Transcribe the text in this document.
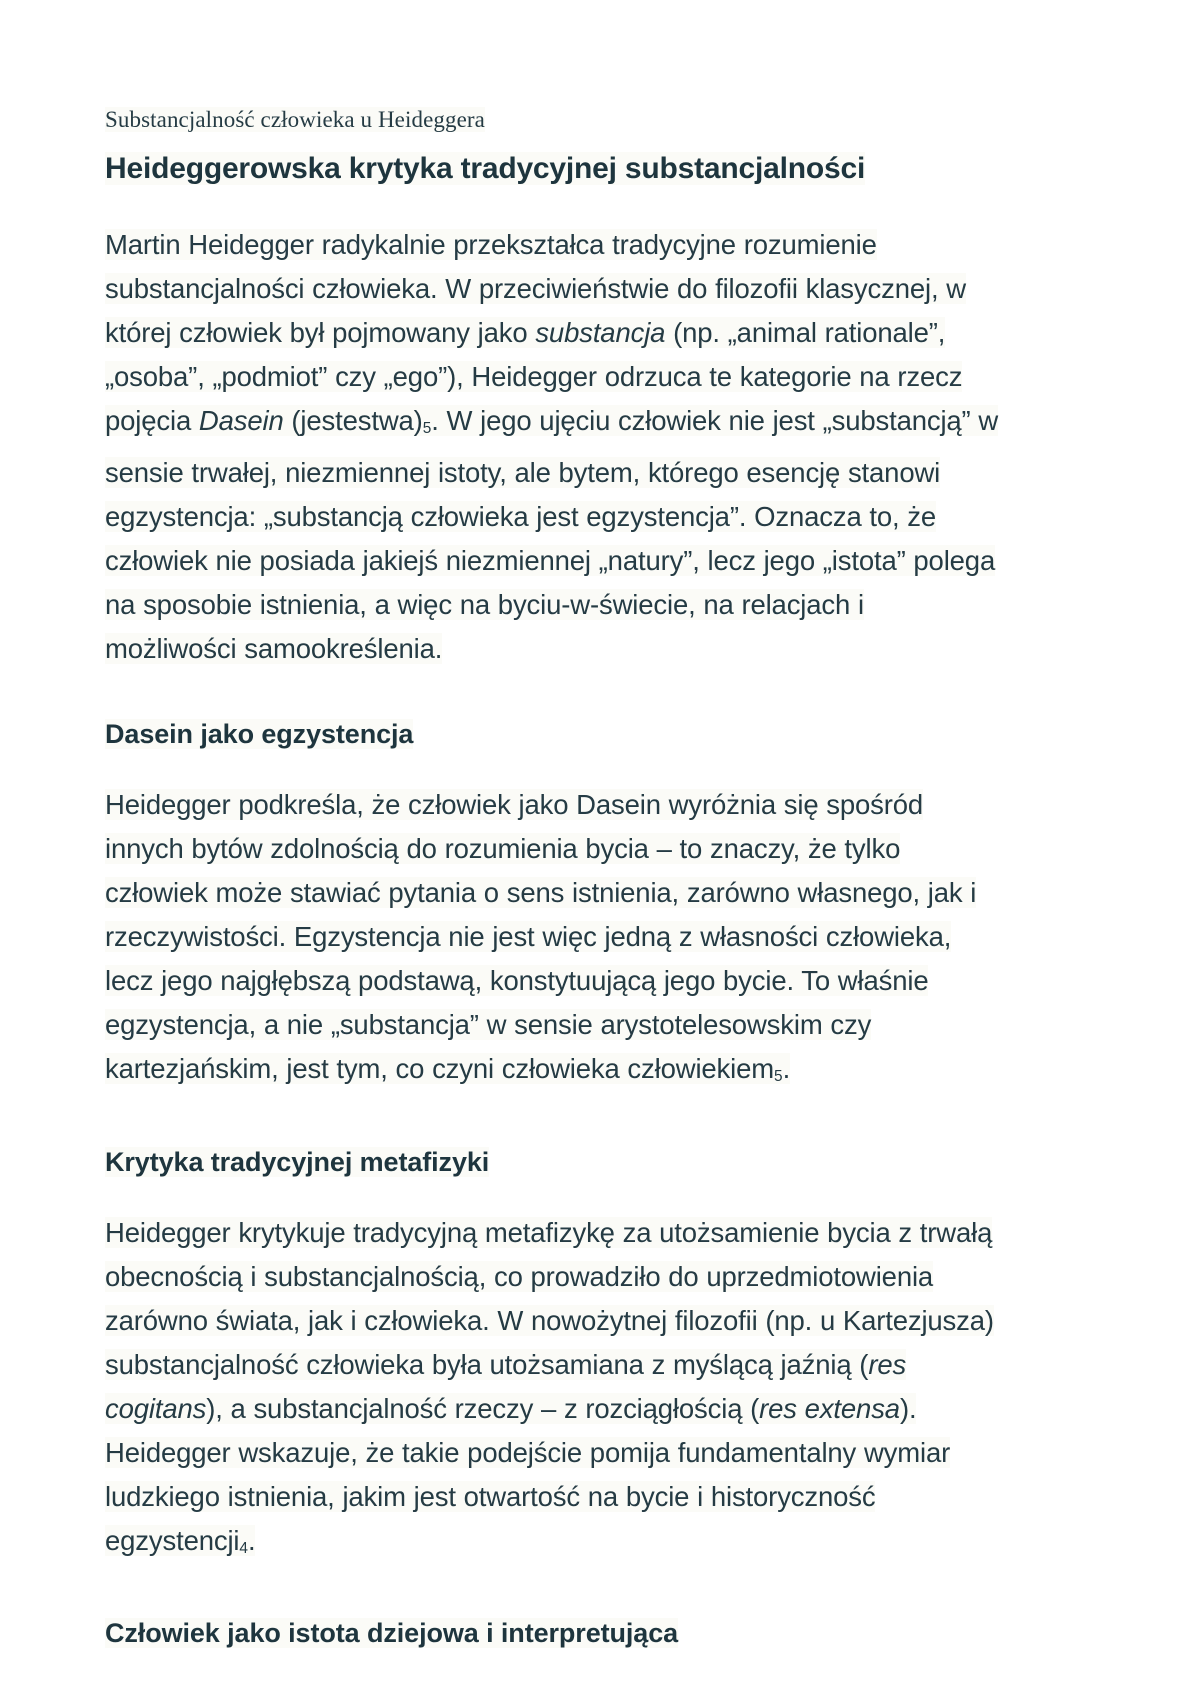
Substancjalność człowieka u Heideggera
Heideggerowska krytyka tradycyjnej substancjalności

Martin Heidegger radykalnie przekształca tradycyjne rozumienie substancjalności człowieka. W przeciwieństwie do filozofii klasycznej, w której człowiek był pojmowany jako substancja (np. „animal rationale”, „osoba”, „podmiot” czy „ego”), Heidegger odrzuca te kategorie na rzecz pojęcia Dasein (jestestwa)$^5$. W jego ujęciu człowiek nie jest „substancją” w sensie trwałej, niezmiennej istoty, ale bytem, którego esencję stanowi egzystencja: „substancją człowieka jest egzystencja”. Oznacza to, że człowiek nie posiada jakiejś niezmiennej „natury”, lecz jego „istota” polega na sposobie istnienia, a więc na byciu-w-świecie, na relacjach i możliwości samookreślenia.

Dasein jako egzystencja

Heidegger podkreśla, że człowiek jako Dasein wyróżnia się spośród innych bytów zdolnością do rozumienia bycia – to znaczy, że tylko człowiek może stawiać pytania o sens istnienia, zarówno własnego, jak i rzeczywistości. Egzystencja nie jest więc jedną z własności człowieka, lecz jego najgłębszą podstawą, konstytuującą jego bycie. To właśnie egzystencja, a nie „substancja” w sensie arystotelesowskim czy kartezjańskim, jest tym, co czyni człowieka człowiekiem$^5$.

Krytyka tradycyjnej metafizyki

Heidegger krytykuje tradycyjną metafizykę za utożsamienie bycia z trwałą obecnością i substancjalnością, co prowadziło do uprzedmiotowienia zarówno świata, jak i człowieka. W nowożytnej filozofii (np. u Kartezjusza) substancjalność człowieka była utożsamiana z myślącą jaźnią (res cogitans), a substancjalność rzeczy – z rozciągłością (res extensa). Heidegger wskazuje, że takie podejście pomija fundamentalny wymiar ludzkiego istnienia, jakim jest otwartość na bycie i historyczność egzystencji$^4$.

Człowiek jako istota dziejowa i interpretująca
